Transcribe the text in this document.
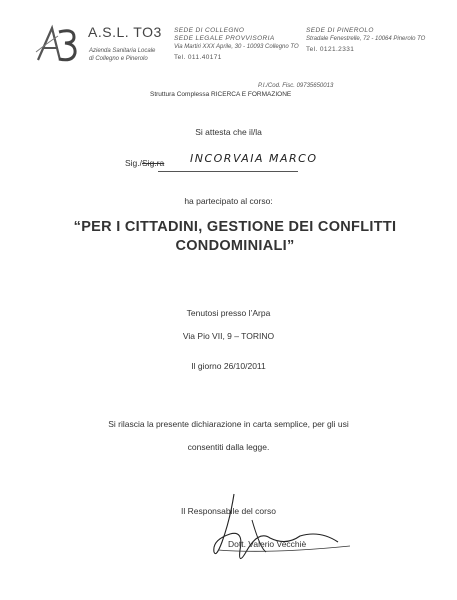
A.S.L. TO3
Azienda Sanitaria Locale
di Collegno e Pinerolo
SEDE DI COLLEGNO
SEDE LEGALE PROVVISORIA
Via Martiri XXX Aprile, 30 - 10093 Collegno TO
Tel. 011.40171
SEDE DI PINEROLO
Stradale Fenestrelle, 72 - 10064 Pinerolo TO
Tel. 0121.2331
P.I./Cod. Fisc. 09735650013
Struttura Complessa RICERCA E FORMAZIONE
Si attesta che il/la
Sig./Sig.ra INCORVAIA MARCO
ha partecipato al corso:
“PER I CITTADINI, GESTIONE DEI CONFLITTI CONDOMINIALI”
Tenutosi presso l’Arpa
Via Pio VII, 9 – TORINO
Il giorno 26/10/2011
Si rilascia la presente dichiarazione in carta semplice, per gli usi
consentiti dalla legge.
Il Responsabile del corso
Dott. Valerio Vecchiè
